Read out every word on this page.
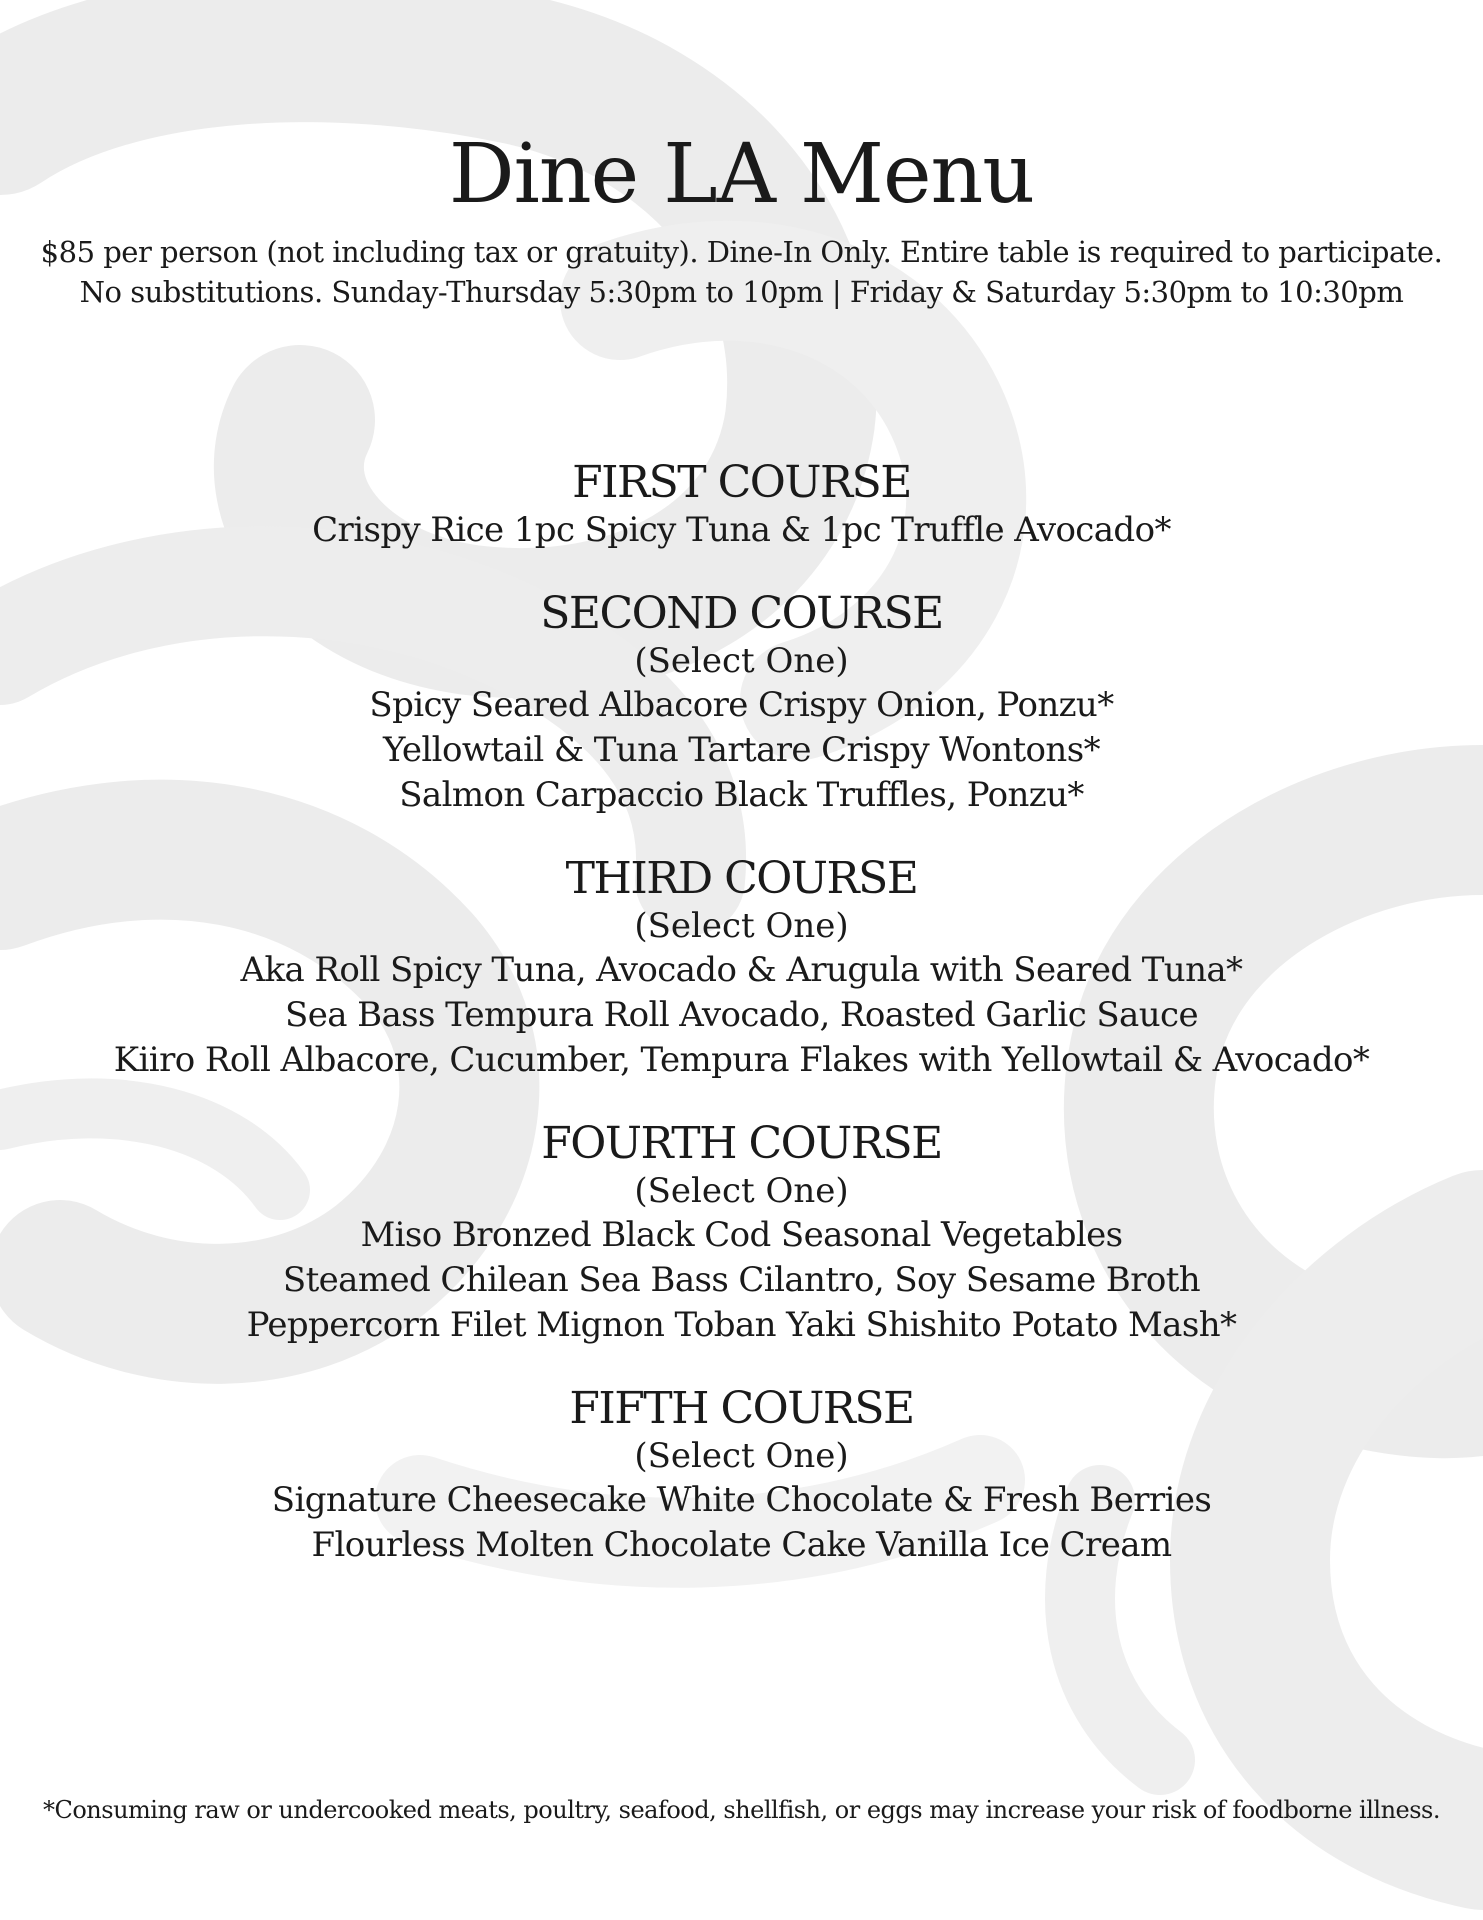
Dine LA Menu
$85 per person (not including tax or gratuity). Dine-In Only. Entire table is required to participate.
No substitutions. Sunday-Thursday 5:30pm to 10pm | Friday & Saturday 5:30pm to 10:30pm
FIRST COURSE
Crispy Rice 1pc Spicy Tuna & 1pc Truffle Avocado*
SECOND COURSE
(Select One)
Spicy Seared Albacore Crispy Onion, Ponzu*
Yellowtail & Tuna Tartare Crispy Wontons*
Salmon Carpaccio Black Truffles, Ponzu*
THIRD COURSE
(Select One)
Aka Roll Spicy Tuna, Avocado & Arugula with Seared Tuna*
Sea Bass Tempura Roll Avocado, Roasted Garlic Sauce
Kiiro Roll Albacore, Cucumber, Tempura Flakes with Yellowtail & Avocado*
FOURTH COURSE
(Select One)
Miso Bronzed Black Cod Seasonal Vegetables
Steamed Chilean Sea Bass Cilantro, Soy Sesame Broth
Peppercorn Filet Mignon Toban Yaki Shishito Potato Mash*
FIFTH COURSE
(Select One)
Signature Cheesecake White Chocolate & Fresh Berries
Flourless Molten Chocolate Cake Vanilla Ice Cream
*Consuming raw or undercooked meats, poultry, seafood, shellfish, or eggs may increase your risk of foodborne illness.
